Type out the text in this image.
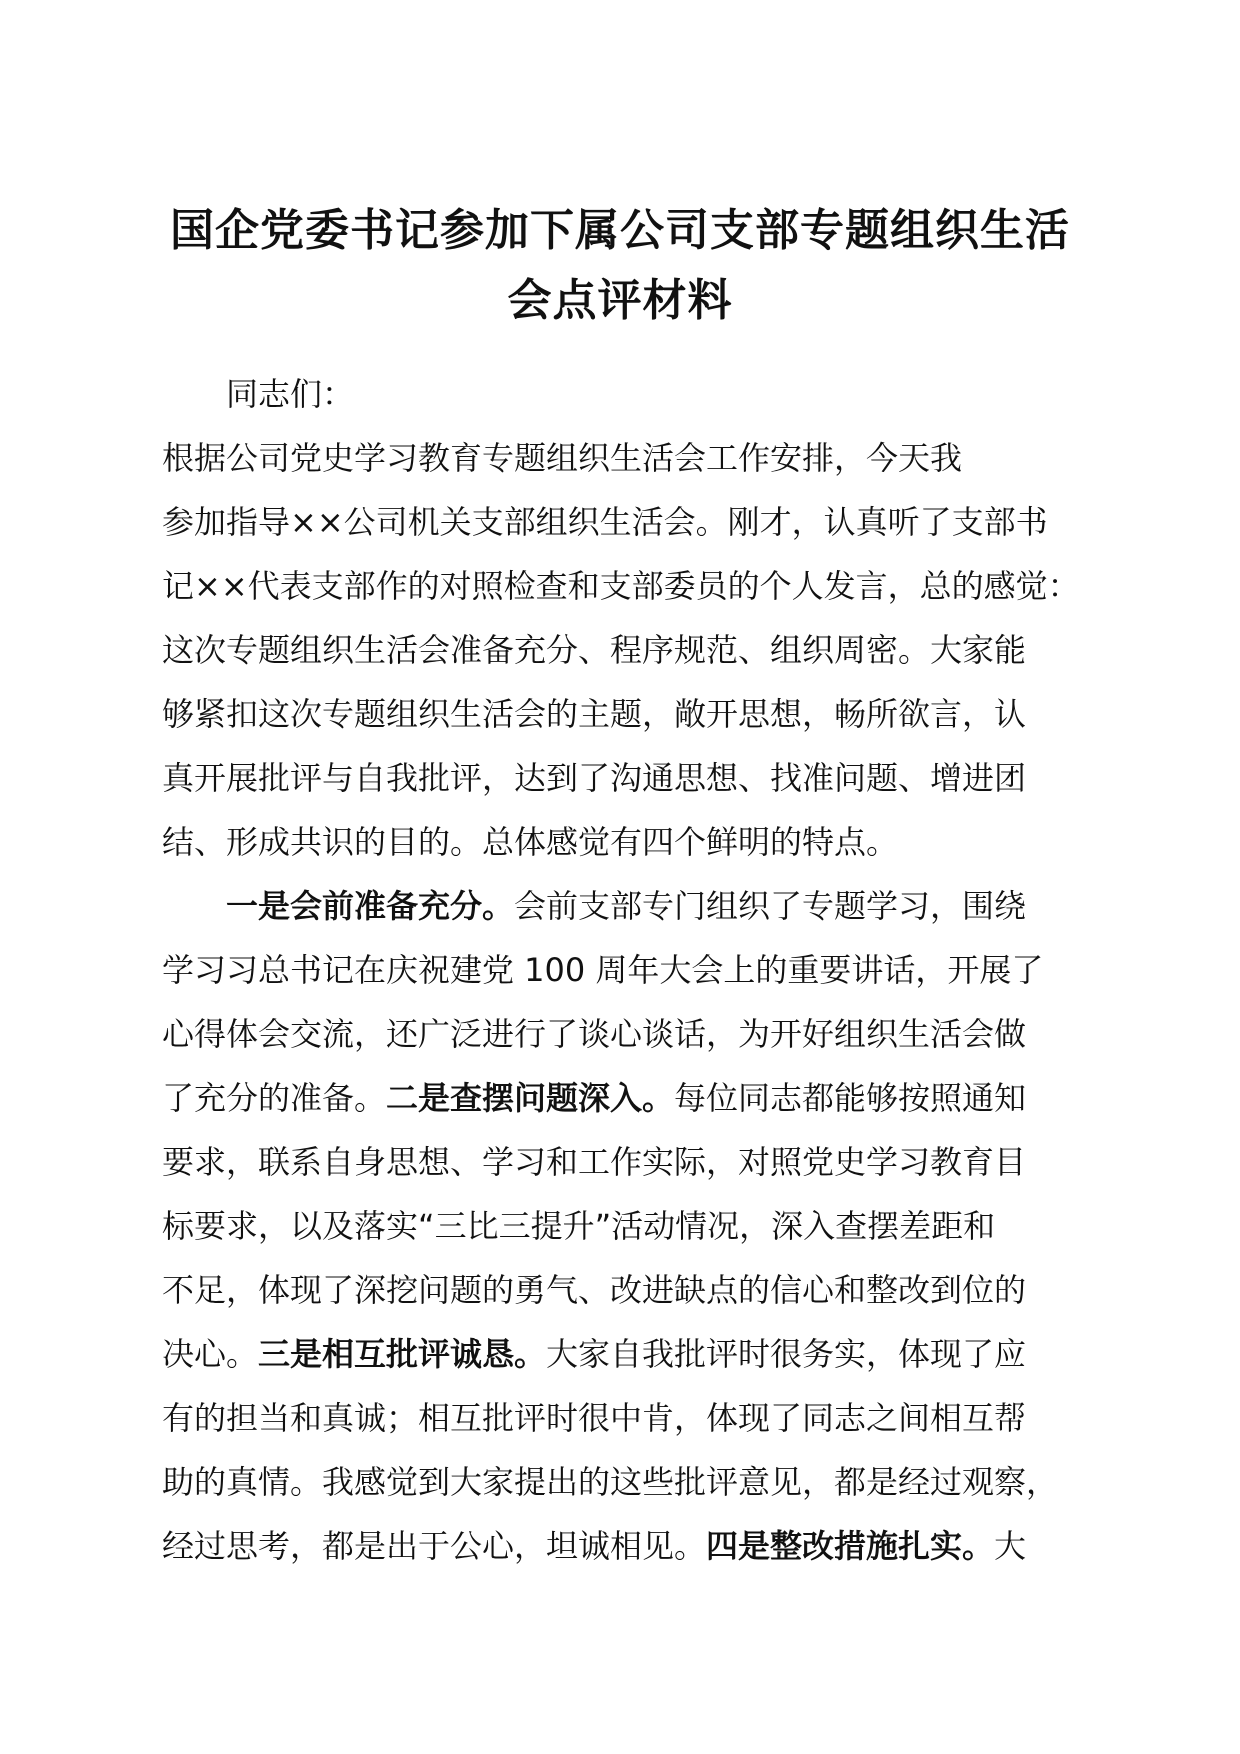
国企党委书记参加下属公司支部专题组织生活
会点评材料
同志们：
根据公司党史学习教育专题组织生活会工作安排，今天我
参加指导××公司机关支部组织生活会。刚才，认真听了支部书
记××代表支部作的对照检查和支部委员的个人发言，总的感觉：
这次专题组织生活会准备充分、程序规范、组织周密。大家能
够紧扣这次专题组织生活会的主题，敞开思想，畅所欲言，认
真开展批评与自我批评，达到了沟通思想、找准问题、增进团
结、形成共识的目的。总体感觉有四个鲜明的特点。
一是会前准备充分。会前支部专门组织了专题学习，围绕
学习习总书记在庆祝建党 100 周年大会上的重要讲话，开展了
心得体会交流，还广泛进行了谈心谈话，为开好组织生活会做
了充分的准备。二是查摆问题深入。每位同志都能够按照通知
要求，联系自身思想、学习和工作实际，对照党史学习教育目
标要求，以及落实“三比三提升”活动情况，深入查摆差距和
不足，体现了深挖问题的勇气、改进缺点的信心和整改到位的
决心。三是相互批评诚恳。大家自我批评时很务实，体现了应
有的担当和真诚；相互批评时很中肯，体现了同志之间相互帮
助的真情。我感觉到大家提出的这些批评意见，都是经过观察，
经过思考，都是出于公心，坦诚相见。四是整改措施扎实。大
